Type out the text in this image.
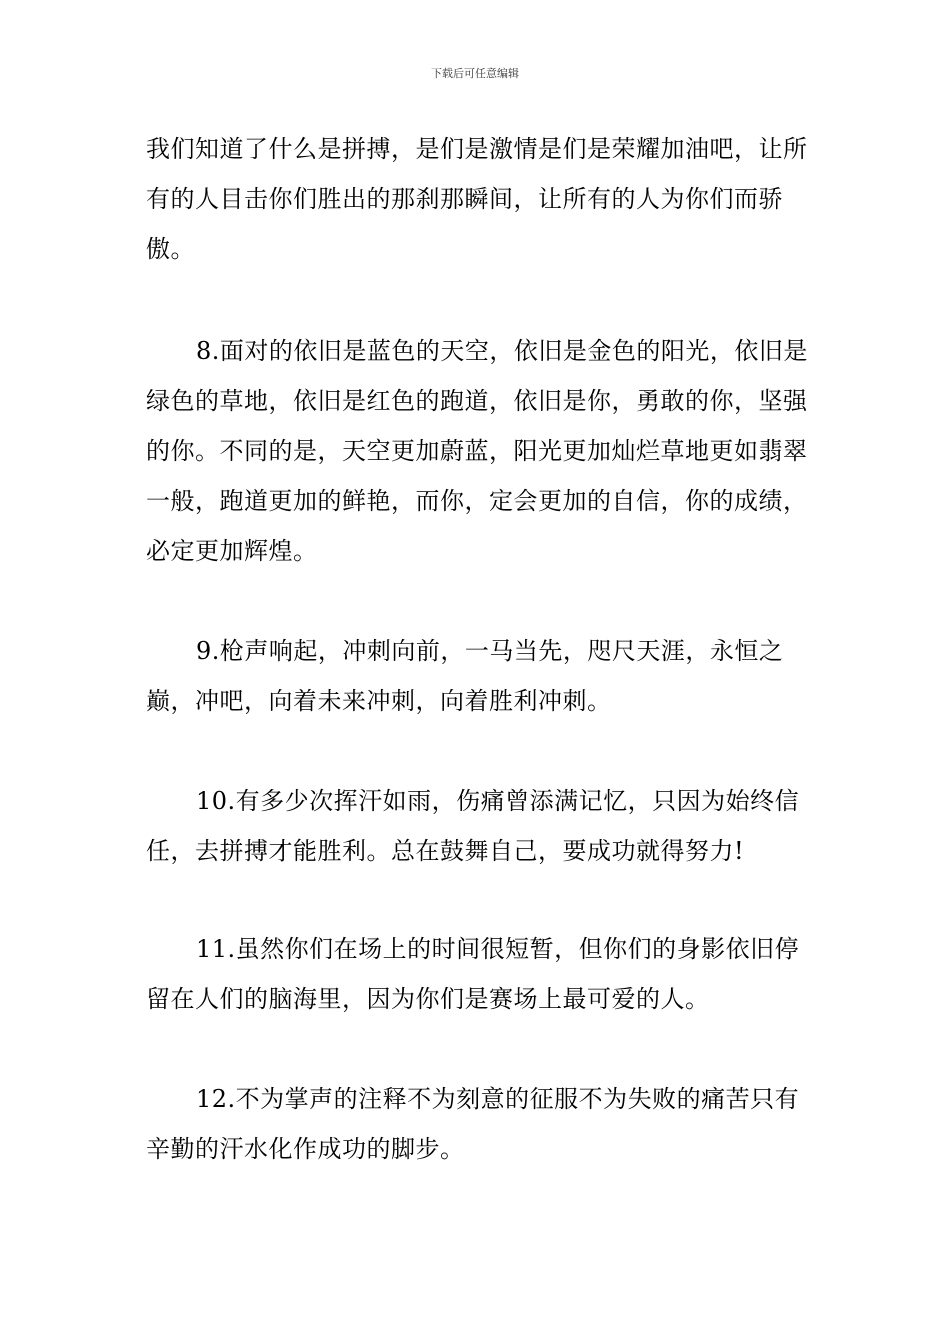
下载后可任意编辑

我们知道了什么是拼搏，是们是激情是们是荣耀加油吧，让所有的人目击你们胜出的那刹那瞬间，让所有的人为你们而骄傲。

8.面对的依旧是蓝色的天空，依旧是金色的阳光，依旧是绿色的草地，依旧是红色的跑道，依旧是你，勇敢的你，坚强的你。不同的是，天空更加蔚蓝，阳光更加灿烂草地更如翡翠一般，跑道更加的鲜艳，而你，定会更加的自信，你的成绩，必定更加辉煌。

9.枪声响起，冲刺向前，一马当先，咫尺天涯，永恒之巅，冲吧，向着未来冲刺，向着胜利冲刺。

10.有多少次挥汗如雨，伤痛曾添满记忆，只因为始终信任，去拼搏才能胜利。总在鼓舞自己，要成功就得努力!

11.虽然你们在场上的时间很短暂，但你们的身影依旧停留在人们的脑海里，因为你们是赛场上最可爱的人。

12.不为掌声的注释不为刻意的征服不为失败的痛苦只有辛勤的汗水化作成功的脚步。
